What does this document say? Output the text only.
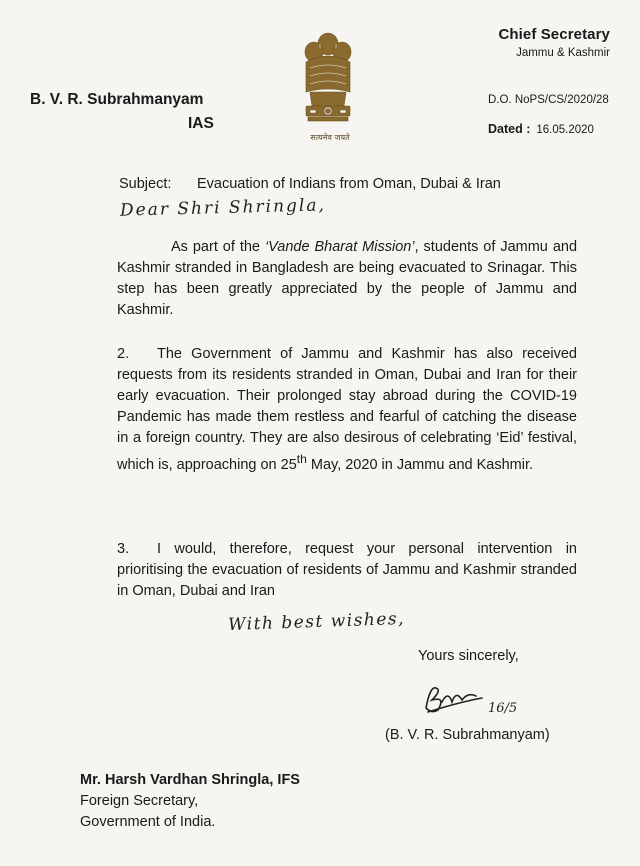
सत्यमेव जयते
Chief Secretary
Jammu & Kashmir
B. V. R. Subrahmanyam
IAS
D.O. NoPS/CS/2020/28
Dated : 16.05.2020
Subject: Evacuation of Indians from Oman, Dubai & Iran
Dear Shri Shringla,
As part of the ‘Vande Bharat Mission’, students of Jammu and Kashmir stranded in Bangladesh are being evacuated to Srinagar. This step has been greatly appreciated by the people of Jammu and Kashmir.
2. The Government of Jammu and Kashmir has also received requests from its residents stranded in Oman, Dubai and Iran for their early evacuation. Their prolonged stay abroad during the COVID-19 Pandemic has made them restless and fearful of catching the disease in a foreign country. They are also desirous of celebrating ‘Eid’ festival, which is, approaching on 25th May, 2020 in Jammu and Kashmir.
3. I would, therefore, request your personal intervention in prioritising the evacuation of residents of Jammu and Kashmir stranded in Oman, Dubai and Iran
With best wishes,
Yours sincerely,
16/5
(B. V. R. Subrahmanyam)
Mr. Harsh Vardhan Shringla, IFS
Foreign Secretary,
Government of India.
